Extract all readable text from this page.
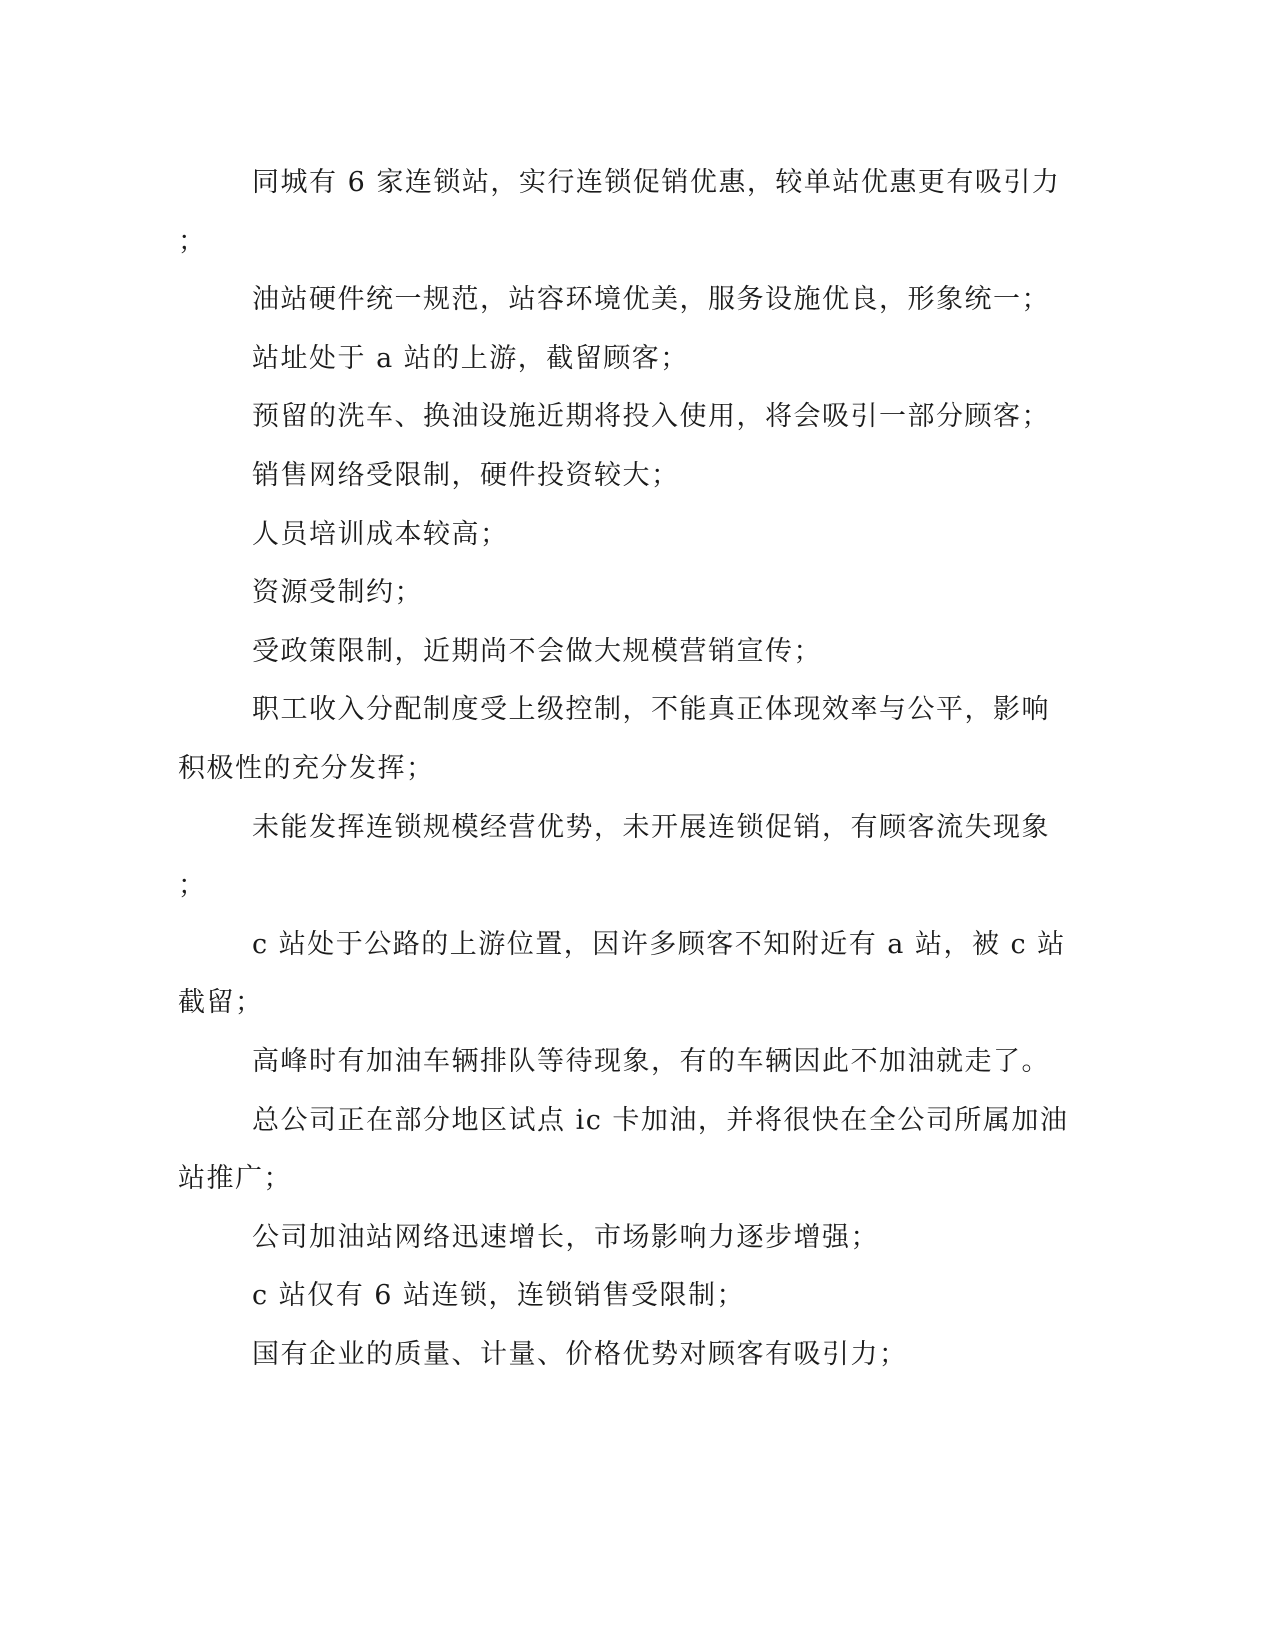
同城有 6 家连锁站，实行连锁促销优惠，较单站优惠更有吸引力
；
油站硬件统一规范，站容环境优美，服务设施优良，形象统一；
站址处于 a 站的上游，截留顾客；
预留的洗车、换油设施近期将投入使用，将会吸引一部分顾客；
销售网络受限制，硬件投资较大；
人员培训成本较高；
资源受制约；
受政策限制，近期尚不会做大规模营销宣传；
职工收入分配制度受上级控制，不能真正体现效率与公平，影响
积极性的充分发挥；
未能发挥连锁规模经营优势，未开展连锁促销，有顾客流失现象
；
c 站处于公路的上游位置，因许多顾客不知附近有 a 站，被 c 站
截留；
高峰时有加油车辆排队等待现象，有的车辆因此不加油就走了。
总公司正在部分地区试点 ic 卡加油，并将很快在全公司所属加油
站推广；
公司加油站网络迅速增长，市场影响力逐步增强；
c 站仅有 6 站连锁，连锁销售受限制；
国有企业的质量、计量、价格优势对顾客有吸引力；
